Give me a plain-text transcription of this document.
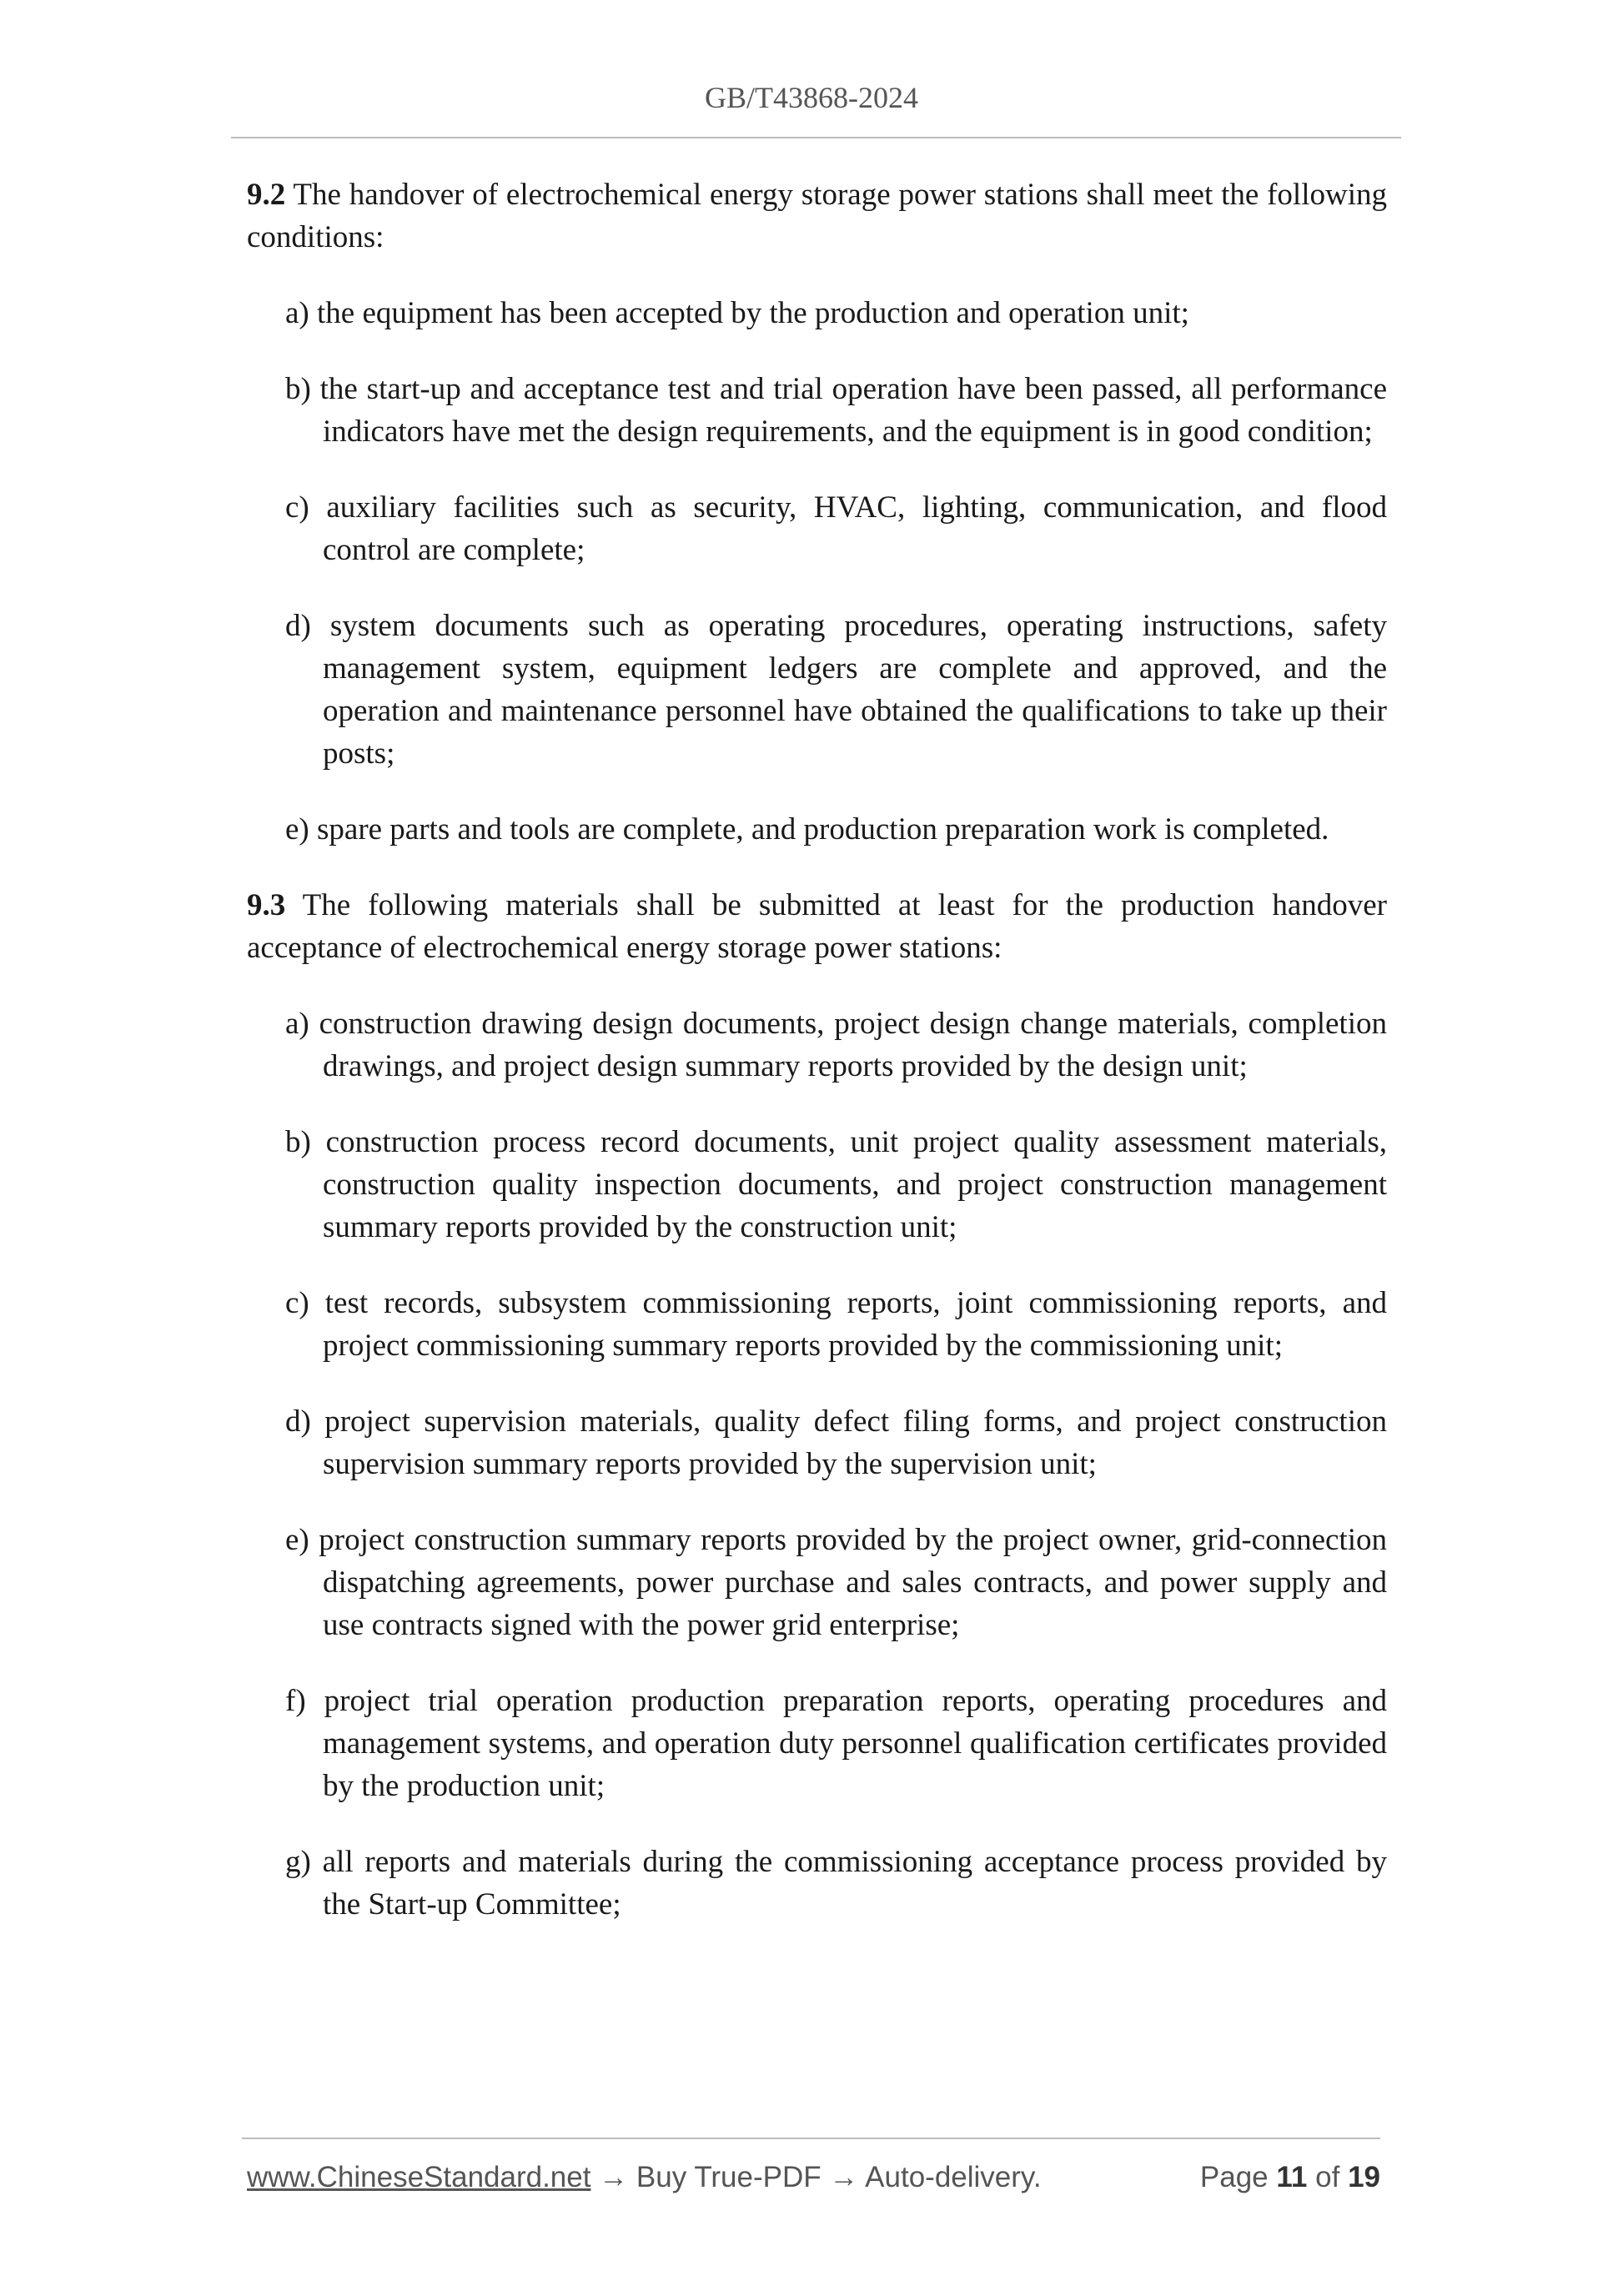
GB/T43868-2024

9.2 The handover of electrochemical energy storage power stations shall meet the following conditions:

a) the equipment has been accepted by the production and operation unit;

b) the start-up and acceptance test and trial operation have been passed, all performance indicators have met the design requirements, and the equipment is in good condition;

c) auxiliary facilities such as security, HVAC, lighting, communication, and flood control are complete;

d) system documents such as operating procedures, operating instructions, safety management system, equipment ledgers are complete and approved, and the operation and maintenance personnel have obtained the qualifications to take up their posts;

e) spare parts and tools are complete, and production preparation work is completed.

9.3 The following materials shall be submitted at least for the production handover acceptance of electrochemical energy storage power stations:

a) construction drawing design documents, project design change materials, completion drawings, and project design summary reports provided by the design unit;

b) construction process record documents, unit project quality assessment materials, construction quality inspection documents, and project construction management summary reports provided by the construction unit;

c) test records, subsystem commissioning reports, joint commissioning reports, and project commissioning summary reports provided by the commissioning unit;

d) project supervision materials, quality defect filing forms, and project construction supervision summary reports provided by the supervision unit;

e) project construction summary reports provided by the project owner, grid-connection dispatching agreements, power purchase and sales contracts, and power supply and use contracts signed with the power grid enterprise;

f) project trial operation production preparation reports, operating procedures and management systems, and operation duty personnel qualification certificates provided by the production unit;

g) all reports and materials during the commissioning acceptance process provided by the Start-up Committee;

www.ChineseStandard.net → Buy True-PDF → Auto-delivery.	Page 11 of 19
